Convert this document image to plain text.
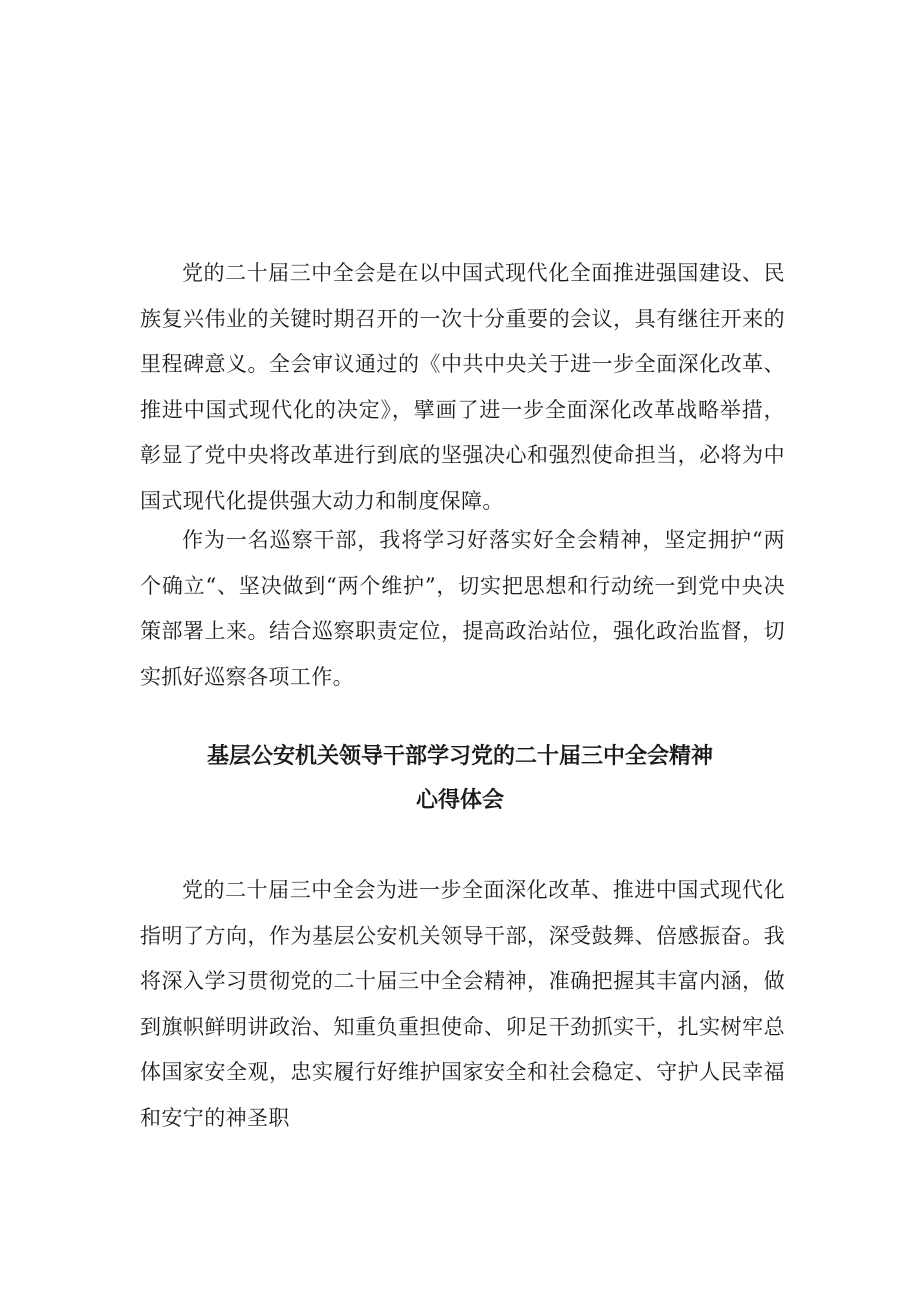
党的二十届三中全会是在以中国式现代化全面推进强国建设、民族复兴伟业的关键时期召开的一次十分重要的会议，具有继往开来的里程碑意义。全会审议通过的《中共中央关于进一步全面深化改革、推进中国式现代化的决定》，擘画了进一步全面深化改革战略举措，彰显了党中央将改革进行到底的坚强决心和强烈使命担当，必将为中国式现代化提供强大动力和制度保障。

作为一名巡察干部，我将学习好落实好全会精神，坚定拥护“两个确立“、坚决做到“两个维护”，切实把思想和行动统一到党中央决策部署上来。结合巡察职责定位，提高政治站位，强化政治监督，切实抓好巡察各项工作。

基层公安机关领导干部学习党的二十届三中全会精神
心得体会

党的二十届三中全会为进一步全面深化改革、推进中国式现代化指明了方向，作为基层公安机关领导干部，深受鼓舞、倍感振奋。我将深入学习贯彻党的二十届三中全会精神，准确把握其丰富内涵，做到旗帜鲜明讲政治、知重负重担使命、卯足干劲抓实干，扎实树牢总体国家安全观，忠实履行好维护国家安全和社会稳定、守护人民幸福和安宁的神圣职
